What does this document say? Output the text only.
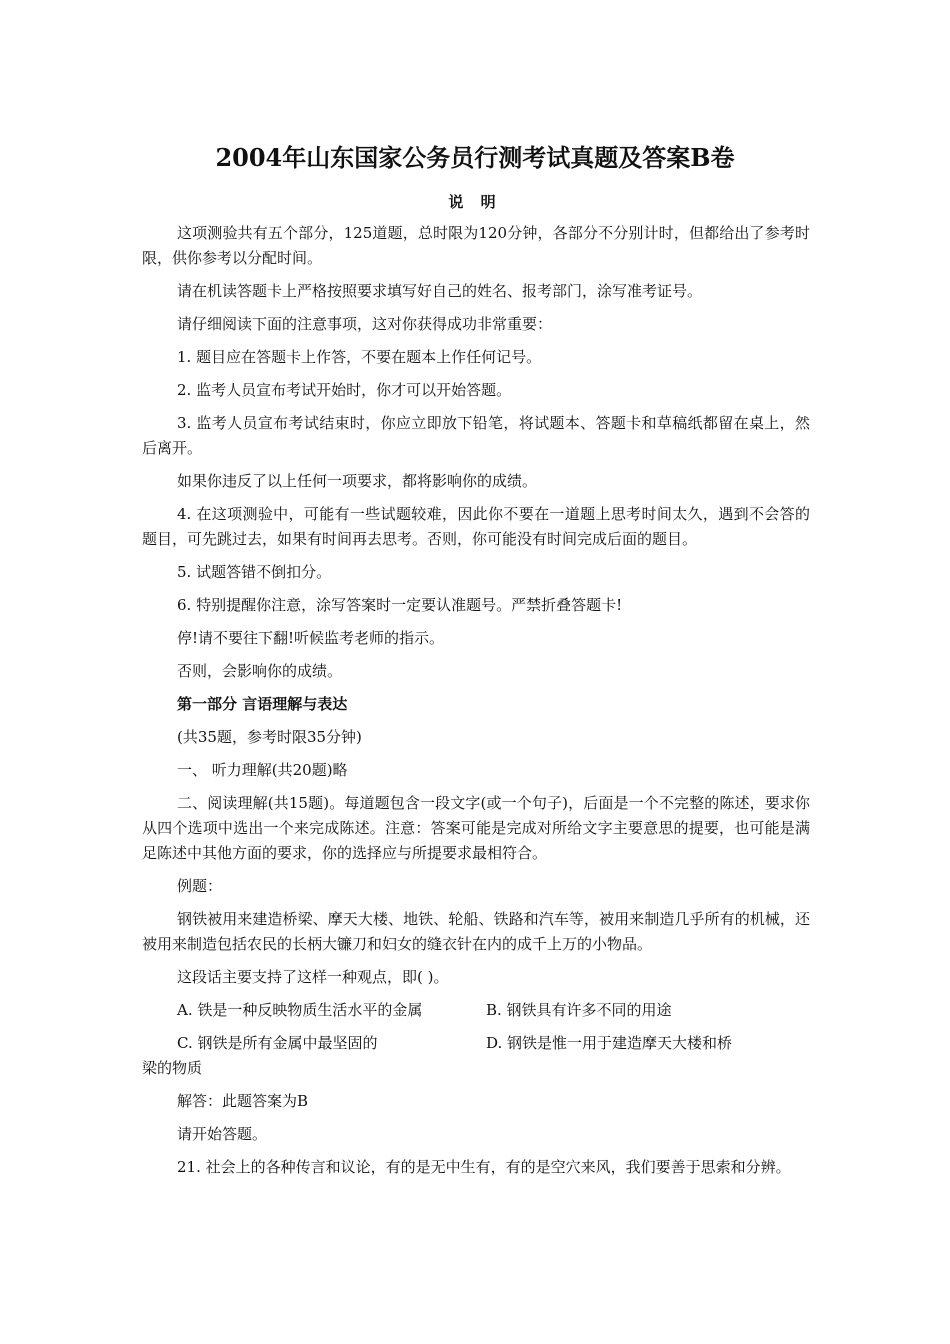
2004年山东国家公务员行测考试真题及答案B卷
说 明

这项测验共有五个部分，125道题，总时限为120分钟，各部分不分别计时，但都给出了参考时限，供你参考以分配时间。

请在机读答题卡上严格按照要求填写好自己的姓名、报考部门，涂写准考证号。

请仔细阅读下面的注意事项，这对你获得成功非常重要：

1. 题目应在答题卡上作答，不要在题本上作任何记号。

2. 监考人员宣布考试开始时，你才可以开始答题。

3. 监考人员宣布考试结束时，你应立即放下铅笔，将试题本、答题卡和草稿纸都留在桌上，然后离开。

如果你违反了以上任何一项要求，都将影响你的成绩。

4. 在这项测验中，可能有一些试题较难，因此你不要在一道题上思考时间太久，遇到不会答的题目，可先跳过去，如果有时间再去思考。否则，你可能没有时间完成后面的题目。

5. 试题答错不倒扣分。

6. 特别提醒你注意，涂写答案时一定要认准题号。严禁折叠答题卡!

停!请不要往下翻!听候监考老师的指示。

否则，会影响你的成绩。

第一部分 言语理解与表达

(共35题，参考时限35分钟)

一、 听力理解(共20题)略

二、阅读理解(共15题)。每道题包含一段文字(或一个句子)，后面是一个不完整的陈述，要求你从四个选项中选出一个来完成陈述。注意：答案可能是完成对所给文字主要意思的提要，也可能是满足陈述中其他方面的要求，你的选择应与所提要求最相符合。

例题：

钢铁被用来建造桥梁、摩天大楼、地铁、轮船、铁路和汽车等，被用来制造几乎所有的机械，还被用来制造包括农民的长柄大镰刀和妇女的缝衣针在内的成千上万的小物品。

这段话主要支持了这样一种观点，即( )。

A. 铁是一种反映物质生活水平的金属	B. 钢铁具有许多不同的用途
C. 钢铁是所有金属中最坚固的	D. 钢铁是惟一用于建造摩天大楼和桥

梁的物质

解答：此题答案为B

请开始答题。

21. 社会上的各种传言和议论，有的是无中生有，有的是空穴来风，我们要善于思索和分辨。
